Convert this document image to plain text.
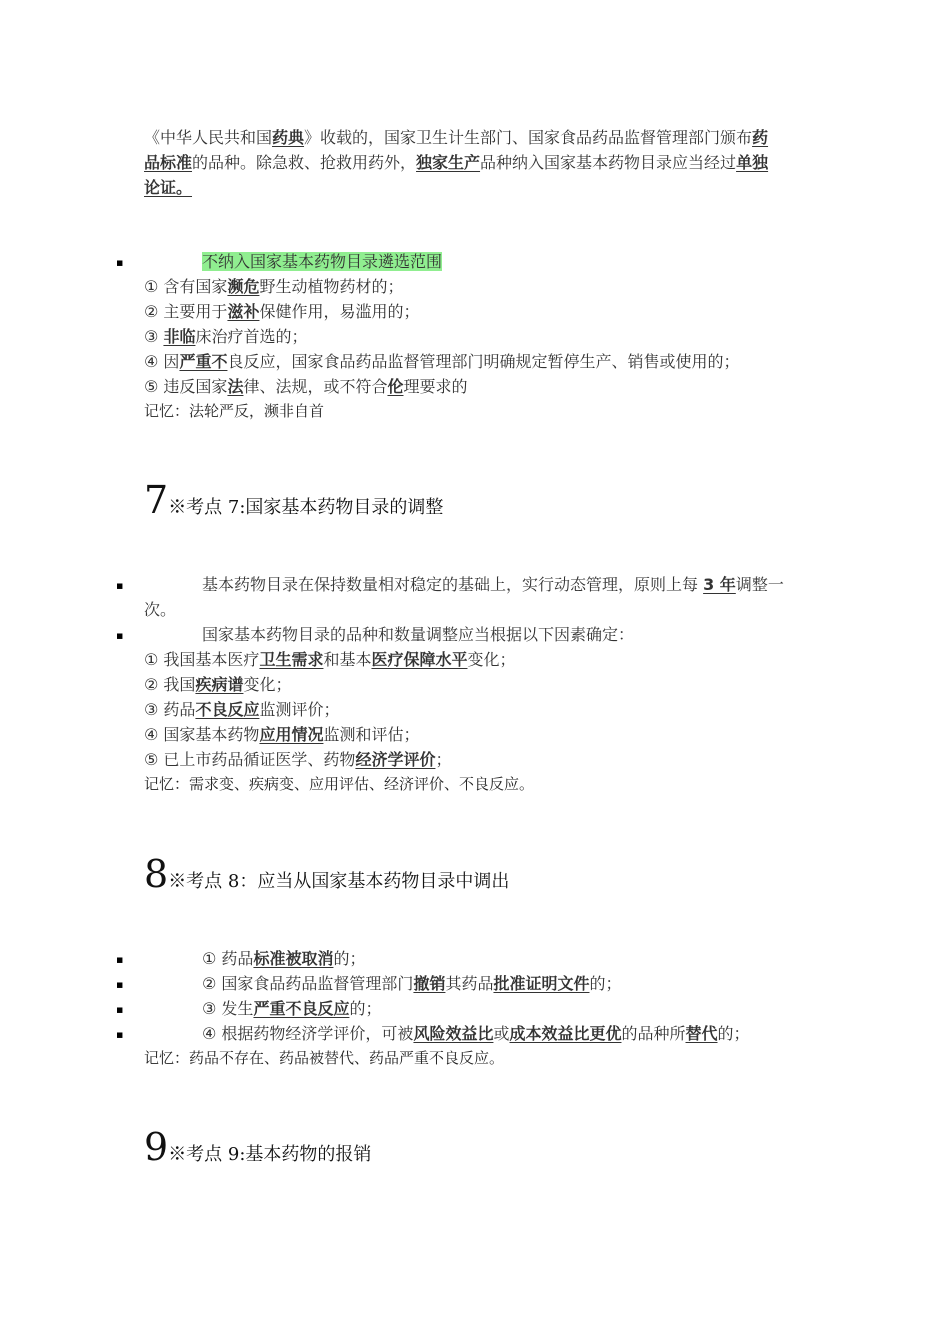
《中华人民共和国药典》收载的，国家卫生计生部门、国家食品药品监督管理部门颁布药
品标准的品种。除急救、抢救用药外，独家生产品种纳入国家基本药物目录应当经过单独
论证。
▪	不纳入国家基本药物目录遴选范围
① 含有国家濒危野生动植物药材的；
② 主要用于滋补保健作用，易滥用的；
③ 非临床治疗首选的；
④ 因严重不良反应，国家食品药品监督管理部门明确规定暂停生产、销售或使用的；
⑤ 违反国家法律、法规，或不符合伦理要求的
记忆：法轮严反，濒非自首
7※考点 7:国家基本药物目录的调整
▪	基本药物目录在保持数量相对稳定的基础上，实行动态管理，原则上每 3 年调整一
次。
▪	国家基本药物目录的品种和数量调整应当根据以下因素确定：
① 我国基本医疗卫生需求和基本医疗保障水平变化；
② 我国疾病谱变化；
③ 药品不良反应监测评价；
④ 国家基本药物应用情况监测和评估；
⑤ 已上市药品循证医学、药物经济学评价；
记忆：需求变、疾病变、应用评估、经济评价、不良反应。
8※考点 8：应当从国家基本药物目录中调出
▪	① 药品标准被取消的；
▪	② 国家食品药品监督管理部门撤销其药品批准证明文件的；
▪	③ 发生严重不良反应的；
▪	④ 根据药物经济学评价，可被风险效益比或成本效益比更优的品种所替代的；
记忆：药品不存在、药品被替代、药品严重不良反应。
9※考点 9:基本药物的报销
